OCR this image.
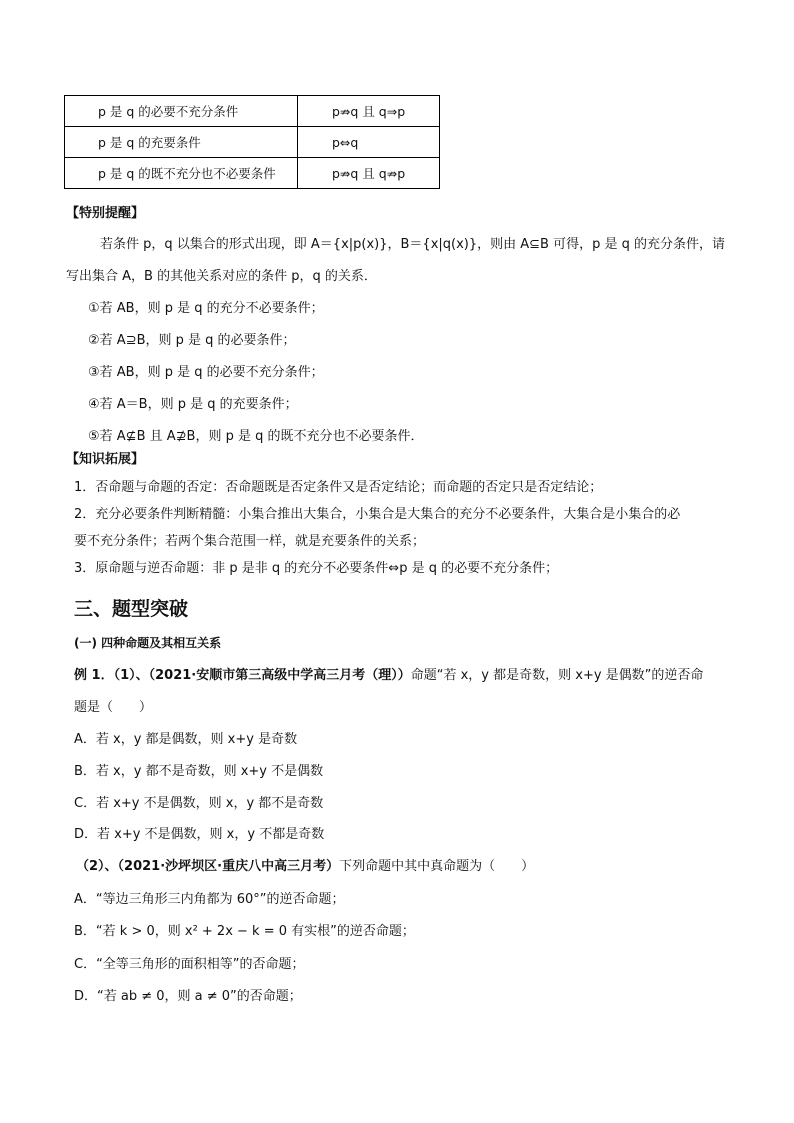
p 是 q 的必要不充分条件	p⇏q 且 q⇒p
p 是 q 的充要条件	p⇔q
p 是 q 的既不充分也不必要条件	p⇏q 且 q⇏p
【特别提醒】
若条件 p，q 以集合的形式出现，即 A＝{x|p(x)}，B＝{x|q(x)}，则由 A⊆B 可得，p 是 q 的充分条件，请
写出集合 A，B 的其他关系对应的条件 p，q 的关系．
①若 AB，则 p 是 q 的充分不必要条件；
②若 A⊇B，则 p 是 q 的必要条件；
③若 AB，则 p 是 q 的必要不充分条件；
④若 A＝B，则 p 是 q 的充要条件；
⑤若 A⊈B 且 A⊉B，则 p 是 q 的既不充分也不必要条件．
【知识拓展】
1．否命题与命题的否定：否命题既是否定条件又是否定结论；而命题的否定只是否定结论；
2．充分必要条件判断精髓：小集合推出大集合，小集合是大集合的充分不必要条件，大集合是小集合的必
要不充分条件；若两个集合范围一样，就是充要条件的关系；
3．原命题与逆否命题：非 p 是非 q 的充分不必要条件⇔p 是 q 的必要不充分条件；
三、题型突破
(一) 四种命题及其相互关系
例 1．（1）、（2021·安顺市第三高级中学高三月考（理））命题“若 x，y 都是奇数，则 x+y 是偶数”的逆否命
题是（　　）
A．若 x，y 都是偶数，则 x+y 是奇数
B．若 x，y 都不是奇数，则 x+y 不是偶数
C．若 x+y 不是偶数，则 x，y 都不是奇数
D．若 x+y 不是偶数，则 x，y 不都是奇数
（2）、（2021·沙坪坝区·重庆八中高三月考）下列命题中其中真命题为（　　）
A．“等边三角形三内角都为 60°”的逆否命题；
B．“若 k > 0，则 x² + 2x − k = 0 有实根”的逆否命题；
C．“全等三角形的面积相等”的否命题；
D．“若 ab ≠ 0，则 a ≠ 0”的否命题；
